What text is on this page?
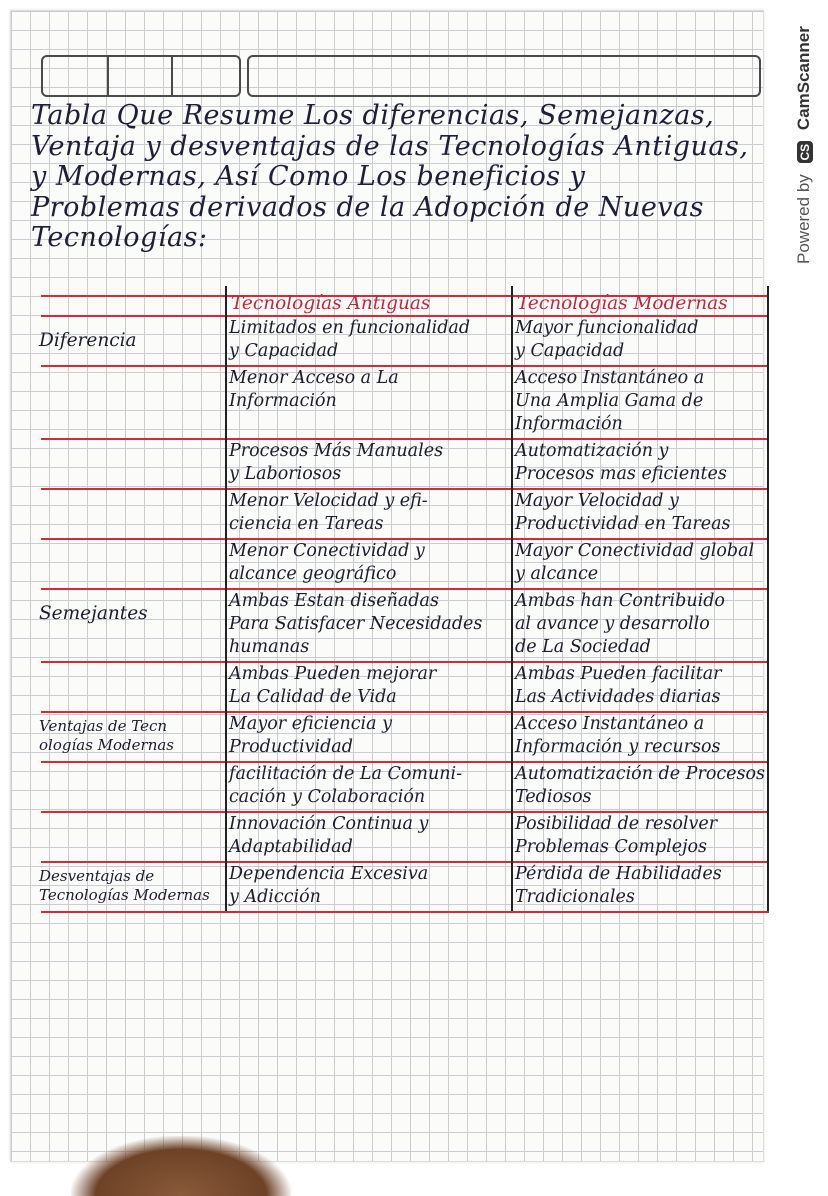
Tabla Que Resume Los diferencias, Semejanzas,
Ventaja y desventajas de las Tecnologías Antiguas,
y Modernas, Así Como Los beneficios y
Problemas derivados de la Adopción de Nuevas
Tecnologías:
Tecnologías Antiguas	Tecnologías Modernas
Diferencia
Limitados en funcionalidad
y Capacidad
Mayor funcionalidad
y Capacidad
Menor Acceso a La
Información
Acceso Instantáneo a
Una Amplia Gama de
Información
Procesos Más Manuales
y Laboriosos
Automatización y
Procesos mas eficientes
Menor Velocidad y efi-
ciencia en Tareas
Mayor Velocidad y
Productividad en Tareas
Menor Conectividad y
alcance geográfico
Mayor Conectividad global
y alcance
Semejantes
Ambas Estan diseñadas
Para Satisfacer Necesidades
humanas
Ambas han Contribuido
al avance y desarrollo
de La Sociedad
Ambas Pueden mejorar
La Calidad de Vida
Ambas Pueden facilitar
Las Actividades diarias
Ventajas de Tecn
ologías Modernas
Mayor eficiencia y
Productividad
Acceso Instantáneo a
Información y recursos
facilitación de La Comuni-
cación y Colaboración
Automatización de Procesos
Tediosos
Innovación Continua y
Adaptabilidad
Posibilidad de resolver
Problemas Complejos
Desventajas de
Tecnologías Modernas
Dependencia Excesiva
y Adicción
Pérdida de Habilidades
Tradicionales
Powered by CS CamScanner
